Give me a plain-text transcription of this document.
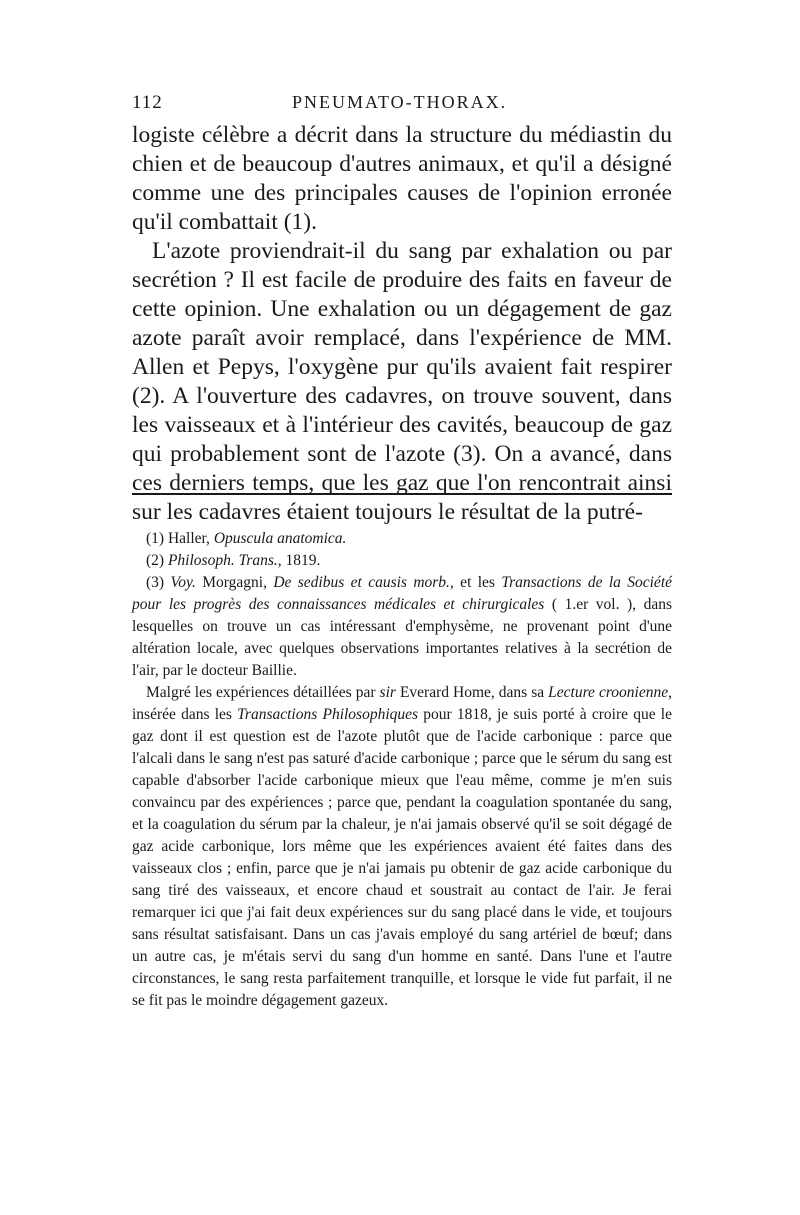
112	PNEUMATO-THORAX.

logiste célèbre a décrit dans la structure du médiastin du chien et de beaucoup d'autres animaux, et qu'il a désigné comme une des principales causes de l'opinion erronée qu'il combattait (1).

L'azote proviendrait-il du sang par exhalation ou par secrétion ? Il est facile de produire des faits en faveur de cette opinion. Une exhalation ou un dégagement de gaz azote paraît avoir remplacé, dans l'expérience de MM. Allen et Pepys, l'oxygène pur qu'ils avaient fait respirer (2). A l'ouverture des cadavres, on trouve souvent, dans les vaisseaux et à l'intérieur des cavités, beaucoup de gaz qui probablement sont de l'azote (3). On a avancé, dans ces derniers temps, que les gaz que l'on rencontrait ainsi sur les cadavres étaient toujours le résultat de la putré-

(1) Haller, Opuscula anatomica.

(2) Philosoph. Trans., 1819.

(3) Voy. Morgagni, De sedibus et causis morb., et les Transactions de la Société pour les progrès des connaissances médicales et chirurgicales ( 1.er vol. ), dans lesquelles on trouve un cas intéressant d'emphysème, ne provenant point d'une altération locale, avec quelques observations importantes relatives à la secrétion de l'air, par le docteur Baillie.

Malgré les expériences détaillées par sir Everard Home, dans sa Lecture croonienne, insérée dans les Transactions Philosophiques pour 1818, je suis porté à croire que le gaz dont il est question est de l'azote plutôt que de l'acide carbonique : parce que l'alcali dans le sang n'est pas saturé d'acide carbonique ; parce que le sérum du sang est capable d'absorber l'acide carbonique mieux que l'eau même, comme je m'en suis convaincu par des expériences ; parce que, pendant la coagulation spontanée du sang, et la coagulation du sérum par la chaleur, je n'ai jamais observé qu'il se soit dégagé de gaz acide carbonique, lors même que les expériences avaient été faites dans des vaisseaux clos ; enfin, parce que je n'ai jamais pu obtenir de gaz acide carbonique du sang tiré des vaisseaux, et encore chaud et soustrait au contact de l'air. Je ferai remarquer ici que j'ai fait deux expériences sur du sang placé dans le vide, et toujours sans résultat satisfaisant. Dans un cas j'avais employé du sang artériel de bœuf; dans un autre cas, je m'étais servi du sang d'un homme en santé. Dans l'une et l'autre circonstances, le sang resta parfaitement tranquille, et lorsque le vide fut parfait, il ne se fit pas le moindre dégagement gazeux.
